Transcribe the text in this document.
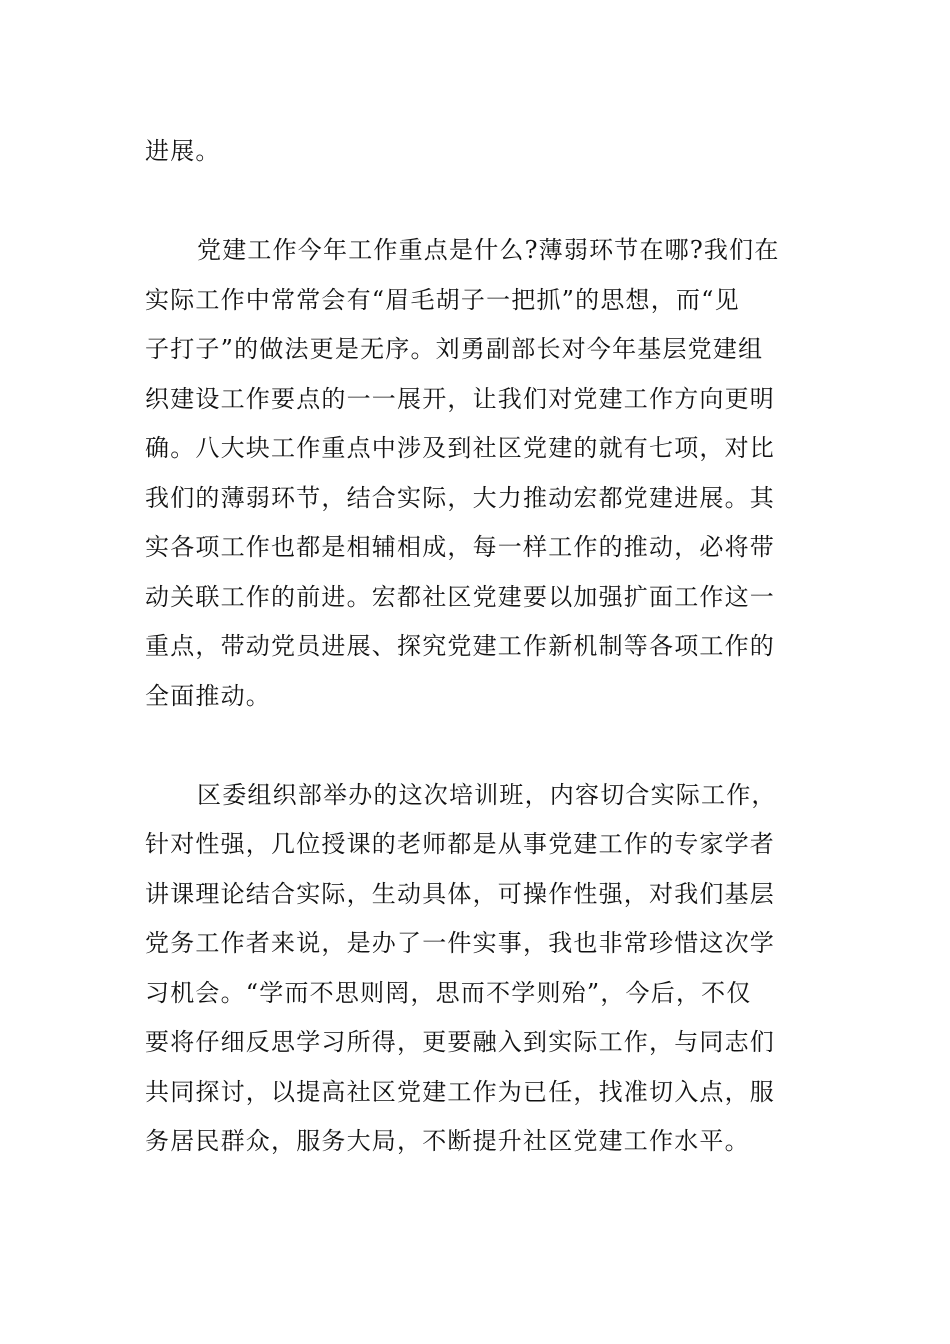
进展。
党建工作今年工作重点是什么?薄弱环节在哪?我们在
实际工作中常常会有“眉毛胡子一把抓”的思想，而“见
子打子”的做法更是无序。刘勇副部长对今年基层党建组
织建设工作要点的一一展开，让我们对党建工作方向更明
确。八大块工作重点中涉及到社区党建的就有七项，对比
我们的薄弱环节，结合实际，大力推动宏都党建进展。其
实各项工作也都是相辅相成，每一样工作的推动，必将带
动关联工作的前进。宏都社区党建要以加强扩面工作这一
重点，带动党员进展、探究党建工作新机制等各项工作的
全面推动。
区委组织部举办的这次培训班，内容切合实际工作，
针对性强，几位授课的老师都是从事党建工作的专家学者
讲课理论结合实际，生动具体，可操作性强，对我们基层
党务工作者来说，是办了一件实事，我也非常珍惜这次学
习机会。“学而不思则罔，思而不学则殆”，今后，不仅
要将仔细反思学习所得，更要融入到实际工作，与同志们
共同探讨，以提高社区党建工作为已任，找准切入点，服
务居民群众，服务大局，不断提升社区党建工作水平。
